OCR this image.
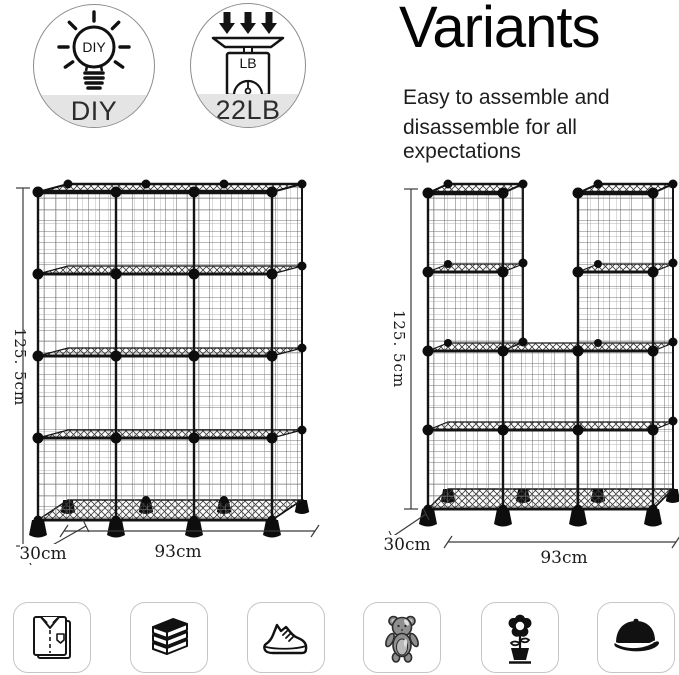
DIY
DIY
LB
22LB
Variants

Easy to assemble and

disassemble for all expectations

125. 5cm
30cm	93cm
125. 5cm
30cm
93cm
